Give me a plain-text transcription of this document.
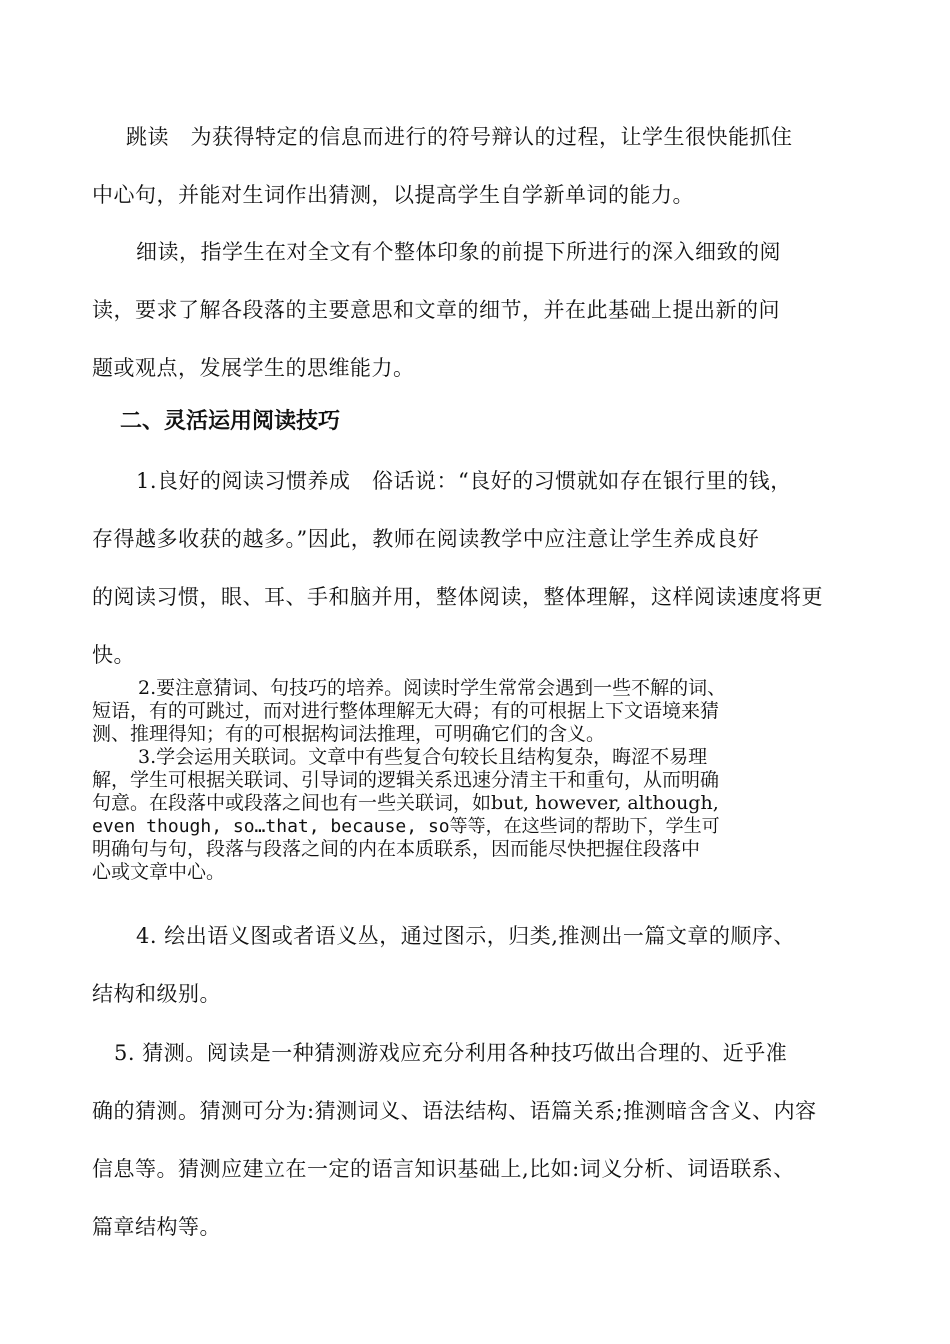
跳读　为获得特定的信息而进行的符号辩认的过程，让学生很快能抓住
中心句，并能对生词作出猜测，以提高学生自学新单词的能力。
细读，指学生在对全文有个整体印象的前提下所进行的深入细致的阅
读，要求了解各段落的主要意思和文章的细节，并在此基础上提出新的问
题或观点，发展学生的思维能力。
二、灵活运用阅读技巧
1.良好的阅读习惯养成　俗话说：“良好的习惯就如存在银行里的钱，
存得越多收获的越多。”因此，教师在阅读教学中应注意让学生养成良好
的阅读习惯，眼、耳、手和脑并用，整体阅读，整体理解，这样阅读速度将更
快。
2.要注意猜词、句技巧的培养。阅读时学生常常会遇到一些不解的词、
短语，有的可跳过，而对进行整体理解无大碍；有的可根据上下文语境来猜
测、推理得知；有的可根据构词法推理，可明确它们的含义。
3.学会运用关联词。文章中有些复合句较长且结构复杂，晦涩不易理
解，学生可根据关联词、引导词的逻辑关系迅速分清主干和重句，从而明确
句意。在段落中或段落之间也有一些关联词，如but, however, although,
even though, so…that, because, so等等，在这些词的帮助下，学生可
明确句与句，段落与段落之间的内在本质联系，因而能尽快把握住段落中
心或文章中心。
4. 绘出语义图或者语义丛，通过图示，归类,推测出一篇文章的顺序、
结构和级别。
5. 猜测。阅读是一种猜测游戏应充分利用各种技巧做出合理的、近乎准
确的猜测。猜测可分为:猜测词义、语法结构、语篇关系;推测暗含含义、内容
信息等。猜测应建立在一定的语言知识基础上,比如:词义分析、词语联系、
篇章结构等。
